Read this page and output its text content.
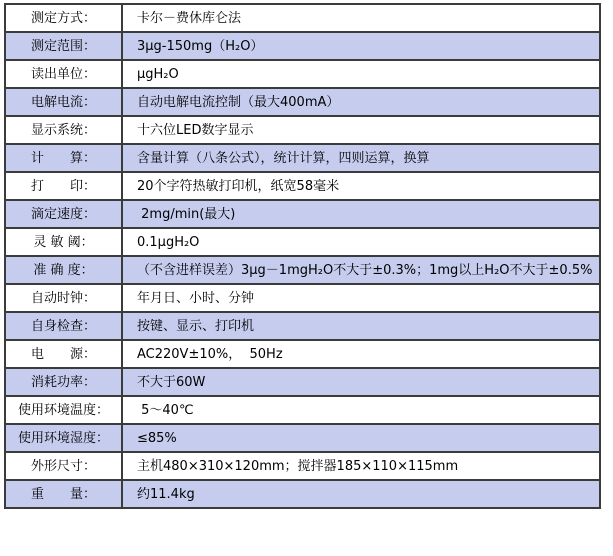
测定方式：	卡尔－费休库仑法
测定范围：	3μg-150mg（H₂O）
读出单位：	μgH₂O
电解电流：	自动电解电流控制（最大400mA）
显示系统：	十六位LED数字显示
计　　算：	含量计算（八条公式），统计计算，四则运算，换算
打　　印：	20个字符热敏打印机，纸宽58毫米
滴定速度：	2mg/min(最大)
灵 敏 阈：	0.1μgH₂O
准 确 度：	（不含进样误差）3μg－1mgH₂O不大于±0.3%；1mg以上H₂O不大于±0.5%
自动时钟：	年月日、小时、分钟
自身检查：	按键、显示、打印机
电　　源：	AC220V±10%，  50Hz
消耗功率：	不大于60W
使用环境温度：	5～40℃
使用环境湿度：	≤85%
外形尺寸：	主机480×310×120mm；搅拌器185×110×115mm
重　　量：	约11.4kg
